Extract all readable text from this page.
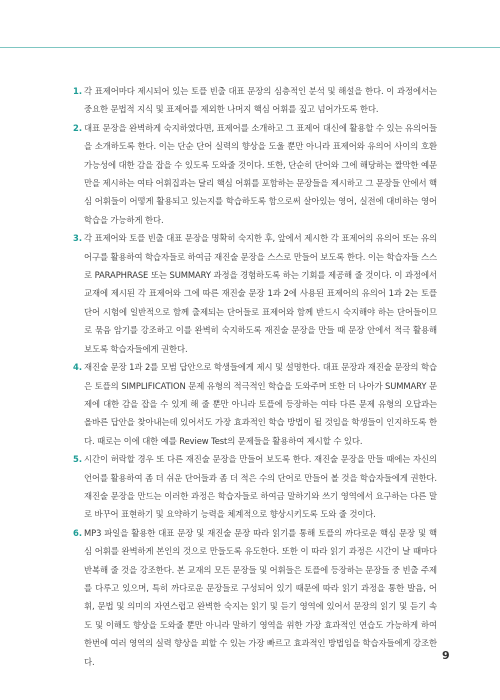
1. 각 표제어마다 제시되어 있는 토플 빈출 대표 문장의 심층적인 분석 및 해설을 한다. 이 과정에서는 중요한 문법적 지식 및 표제어를 제외한 나머지 핵심 어휘를 짚고 넘어가도록 한다.
2. 대표 문장을 완벽하게 숙지하였다면, 표제어를 소개하고 그 표제어 대신에 활용할 수 있는 유의어들을 소개하도록 한다. 이는 단순 단어 실력의 향상을 도울 뿐만 아니라 표제어와 유의어 사이의 호환 가능성에 대한 감을 잡을 수 있도록 도와줄 것이다. 또한, 단순히 단어와 그에 해당하는 짤막한 예문 만을 제시하는 여타 어휘집과는 달리 핵심 어휘를 포함하는 문장들을 제시하고 그 문장들 안에서 핵심 어휘들이 어떻게 활용되고 있는지를 학습하도록 함으로써 살아있는 영어, 실전에 대비하는 영어 학습을 가능하게 한다.
3. 각 표제어와 토플 빈출 대표 문장을 명확히 숙지한 후, 앞에서 제시한 각 표제어의 유의어 또는 유의 어구를 활용하여 학습자들로 하여금 재진술 문장을 스스로 만들어 보도록 한다. 이는 학습자들 스스로 PARAPHRASE 또는 SUMMARY 과정을 경험하도록 하는 기회를 제공해 줄 것이다. 이 과정에서 교재에 제시된 각 표제어와 그에 따른 재진술 문장 1과 2에 사용된 표제어의 유의어 1과 2는 토플 단어 시험에 일반적으로 함께 출제되는 단어들로 표제어와 함께 반드시 숙지해야 하는 단어들이므로 묶음 암기를 강조하고 이를 완벽히 숙지하도록 재진술 문장을 만들 때 문장 안에서 적극 활용해 보도록 학습자들에게 권한다.
4. 재진술 문장 1과 2를 모범 답안으로 학생들에게 제시 및 설명한다. 대표 문장과 재진술 문장의 학습은 토플의 SIMPLIFICATION 문제 유형의 적극적인 학습을 도와주며 또한 더 나아가 SUMMARY 문제에 대한 감을 잡을 수 있게 해 줄 뿐만 아니라 토플에 등장하는 여타 다른 문제 유형의 오답과는 올바른 답안을 찾아내는데 있어서도 가장 효과적인 학습 방법이 될 것임을 학생들이 인지하도록 한다. 때로는 이에 대한 예를 Review Test의 문제들을 활용하여 제시할 수 있다.
5. 시간이 허락할 경우 또 다른 재진술 문장을 만들어 보도록 한다. 재진술 문장을 만들 때에는 자신의 언어를 활용하여 좀 더 쉬운 단어들과 좀 더 적은 수의 단어로 만들어 볼 것을 학습자들에게 권한다. 재진술 문장을 만드는 이러한 과정은 학습자들로 하여금 말하기와 쓰기 영역에서 요구하는 다른 말로 바꾸어 표현하기 및 요약하기 능력을 체계적으로 향상시키도록 도와 줄 것이다.
6. MP3 파일을 활용한 대표 문장 및 재진술 문장 따라 읽기를 통해 토플의 까다로운 핵심 문장 및 핵심 어휘를 완벽하게 본인의 것으로 만들도록 유도한다. 또한 이 따라 읽기 과정은 시간이 날 때마다 반복해 줄 것을 강조한다. 본 교재의 모든 문장들 및 어휘들은 토플에 등장하는 문장들 중 빈출 주제를 다루고 있으며, 특히 까다로운 문장들로 구성되어 있기 때문에 따라 읽기 과정을 통한 발음, 어휘, 문법 및 의미의 자연스럽고 완벽한 숙지는 읽기 및 듣기 영역에 있어서 문장의 읽기 및 듣기 속도 및 이해도 향상을 도와줄 뿐만 아니라 말하기 영역을 위한 가장 효과적인 연습도 가능하게 하여 한번에 여러 영역의 실력 향상을 꾀할 수 있는 가장 빠르고 효과적인 방법임을 학습자들에게 강조한다.	9
